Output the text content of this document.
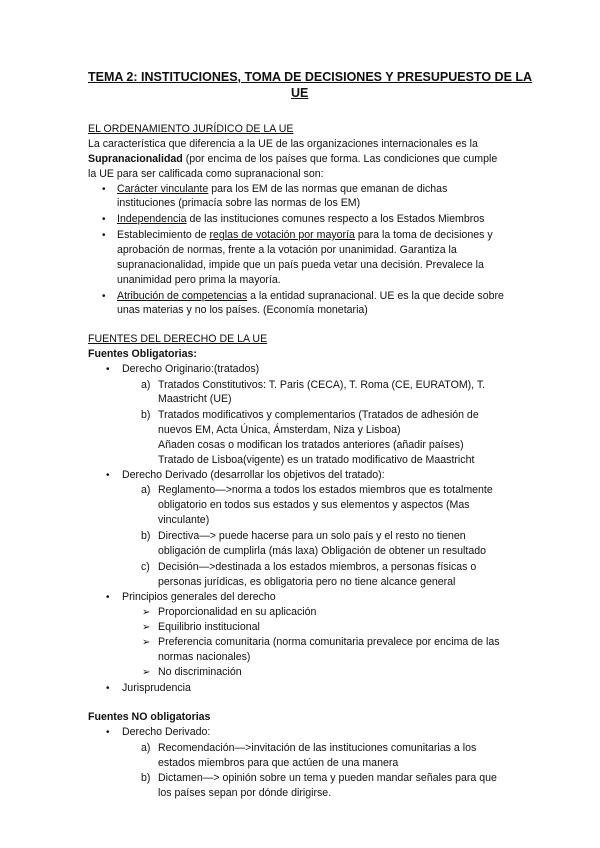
TEMA 2: INSTITUCIONES, TOMA DE DECISIONES Y PRESUPUESTO DE LA
UE
EL ORDENAMIENTO JURÍDICO DE LA UE
La característica que diferencia a la UE de las organizaciones internacionales es la
Supranacionalidad (por encima de los países que forma. Las condiciones que cumple
la UE para ser calificada como supranacional son:
• Carácter vinculante para los EM de las normas que emanan de dichas
instituciones (primacía sobre las normas de los EM)
• Independencia de las instituciones comunes respecto a los Estados Miembros
• Establecimiento de reglas de votación por mayoría para la toma de decisiones y
aprobación de normas, frente a la votación por unanimidad. Garantiza la
supranacionalidad, impide que un país pueda vetar una decisión. Prevalece la
unanimidad pero prima la mayoría.
• Atribución de competencias a la entidad supranacional. UE es la que decide sobre
unas materias y no los países. (Economía monetaria)
FUENTES DEL DERECHO DE LA UE
Fuentes Obligatorias:
• Derecho Originario:(tratados)
a) Tratados Constitutivos: T. Paris (CECA), T. Roma (CE, EURATOM), T.
Maastricht (UE)
b) Tratados modificativos y complementarios (Tratados de adhesión de
nuevos EM, Acta Única, Ámsterdam, Niza y Lisboa)
Añaden cosas o modifican los tratados anteriores (añadir países)
Tratado de Lisboa(vigente) es un tratado modificativo de Maastricht
• Derecho Derivado (desarrollar los objetivos del tratado):
a) Reglamento—>norma a todos los estados miembros que es totalmente
obligatorio en todos sus estados y sus elementos y aspectos (Mas
vinculante)
b) Directiva—> puede hacerse para un solo país y el resto no tienen
obligación de cumplirla (más laxa) Obligación de obtener un resultado
c) Decisión—>destinada a los estados miembros, a personas físicas o
personas jurídicas, es obligatoria pero no tiene alcance general
• Principios generales del derecho
➢ Proporcionalidad en su aplicación
➢ Equilibrio institucional
➢ Preferencia comunitaria (norma comunitaria prevalece por encima de las
normas nacionales)
➢ No discriminación
• Jurisprudencia
Fuentes NO obligatorias
• Derecho Derivado:
a) Recomendación—>invitación de las instituciones comunitarias a los
estados miembros para que actúen de una manera
b) Dictamen—> opinión sobre un tema y pueden mandar señales para que
los países sepan por dónde dirigirse.
